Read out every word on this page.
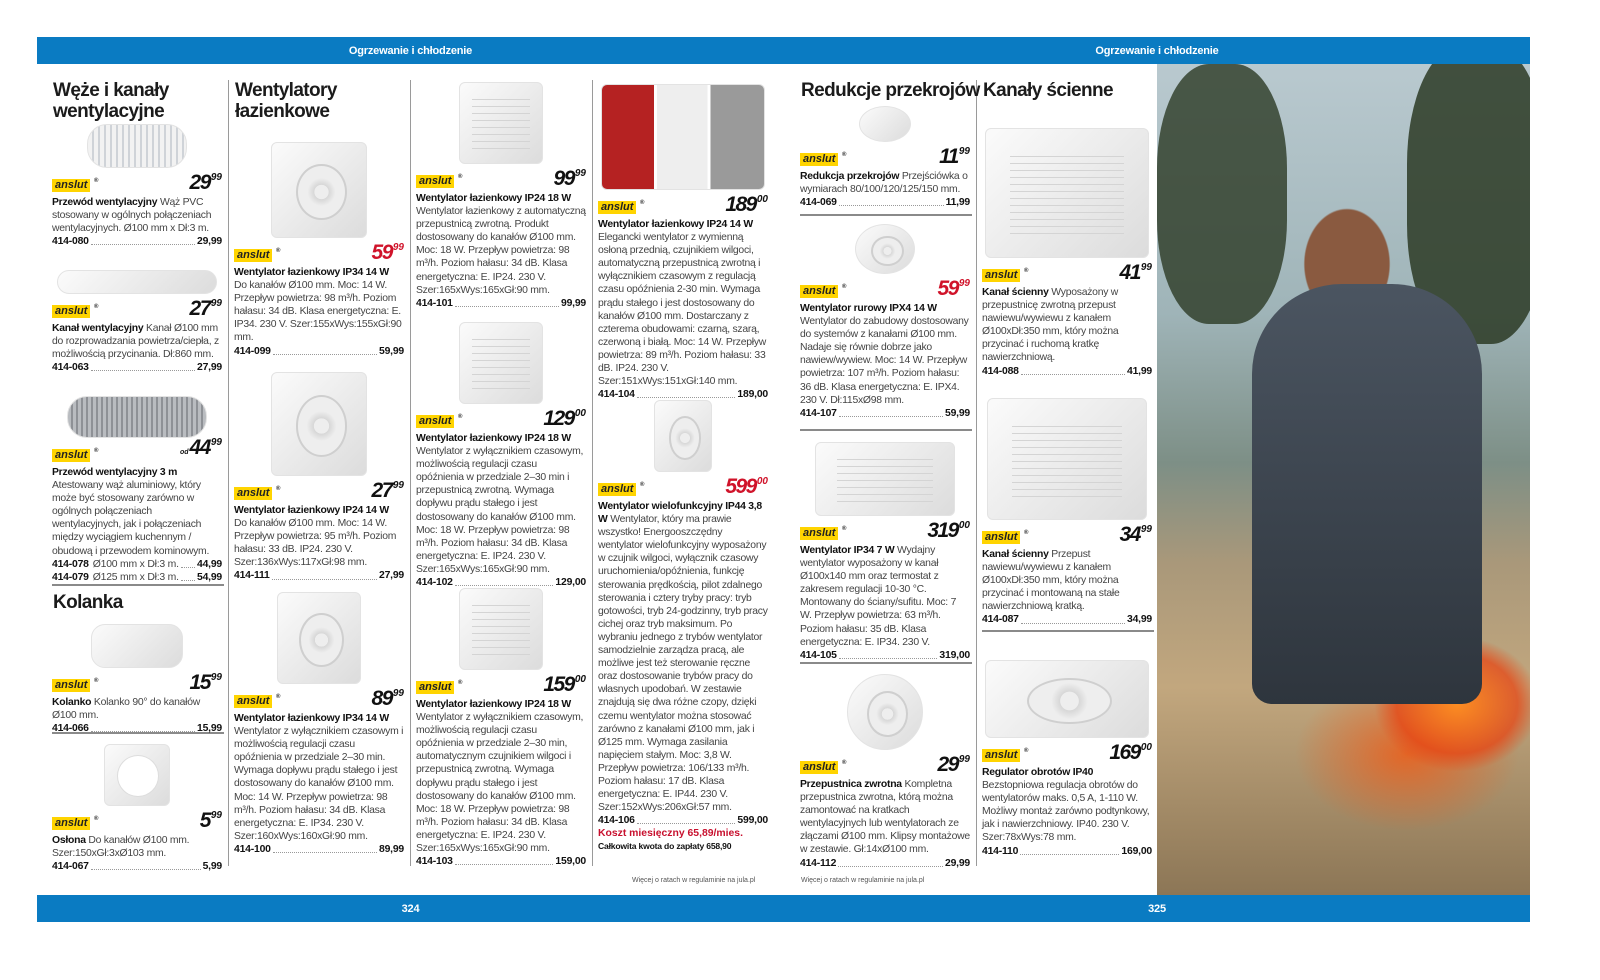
Ogrzewanie i chłodzenie	Ogrzewanie i chłodzenie
324	325
Węże i kanały wentylacyjne
Wentylatory łazienkowe
Kolanka
Redukcje przekrojów Kanały ścienne
anslut ®	$29^{99}$
Przewód wentylacyjny Wąż PVC stosowany w ogólnych połączeniach wentylacyjnych. Ø100 mm x Dł:3 m.
414-080	29,99
anslut ®	$27^{99}$
Kanał wentylacyjny Kanał Ø100 mm do rozprowadzania powietrza/ciepła, z możliwością przycinania. Dł:860 mm.
414-063	27,99
anslut ®	$od44^{99}$
Przewód wentylacyjny 3 m Atestowany wąż aluminiowy, który może być stosowany zarówno w ogólnych połączeniach wentylacyjnych, jak i połączeniach między wyciągiem kuchennym / obudową i przewodem kominowym.
414-078 Ø100 mm x Dł:3 m. 44,99
414-079 Ø125 mm x Dł:3 m. 54,99
anslut ®	$15^{99}$
Kolanko Kolanko 90° do kanałów Ø100 mm.
414-066	15,99
anslut ®	$5^{99}$
Osłona Do kanałów Ø100 mm. Szer:150xGł:3xØ103 mm.
414-067	5,99
anslut ®	$59^{99}$
Wentylator łazienkowy IP34 14 W Do kanałów Ø100 mm. Moc: 14 W. Przepływ powietrza: 98 m³/h. Poziom hałasu: 34 dB. Klasa energetyczna: E. IP34. 230 V. Szer:155xWys:155xGł:90 mm.
414-099	59,99
anslut ®	$27^{99}$
Wentylator łazienkowy IP24 14 W Do kanałów Ø100 mm. Moc: 14 W. Przepływ powietrza: 95 m³/h. Poziom hałasu: 33 dB. IP24. 230 V. Szer:136xWys:117xGł:98 mm.
414-111	27,99
anslut ®	$89^{99}$
Wentylator łazienkowy IP34 14 W Wentylator z wyłącznikiem czasowym i możliwością regulacji czasu opóźnienia w przedziale 2–30 min. Wymaga dopływu prądu stałego i jest dostosowany do kanałów Ø100 mm. Moc: 14 W. Przepływ powietrza: 98 m³/h. Poziom hałasu: 34 dB. Klasa energetyczna: E. IP34. 230 V. Szer:160xWys:160xGł:90 mm.
414-100	89,99
anslut ®	$99^{99}$
Wentylator łazienkowy IP24 18 W Wentylator łazienkowy z automatyczną przepustnicą zwrotną. Produkt dostosowany do kanałów Ø100 mm. Moc: 18 W. Przepływ powietrza: 98 m³/h. Poziom hałasu: 34 dB. Klasa energetyczna: E. IP24. 230 V. Szer:165xWys:165xGł:90 mm.
414-101	99,99
anslut ®	$129^{00}$
Wentylator łazienkowy IP24 18 W Wentylator z wyłącznikiem czasowym, możliwością regulacji czasu opóźnienia w przedziale 2–30 min i przepustnicą zwrotną. Wymaga dopływu prądu stałego i jest dostosowany do kanałów Ø100 mm. Moc: 18 W. Przepływ powietrza: 98 m³/h. Poziom hałasu: 34 dB. Klasa energetyczna: E. IP24. 230 V. Szer:165xWys:165xGł:90 mm.
414-102	129,00
anslut ®	$159^{00}$
Wentylator łazienkowy IP24 18 W Wentylator z wyłącznikiem czasowym, możliwością regulacji czasu opóźnienia w przedziale 2–30 min, automatycznym czujnikiem wilgoci i przepustnicą zwrotną. Wymaga dopływu prądu stałego i jest dostosowany do kanałów Ø100 mm. Moc: 18 W. Przepływ powietrza: 98 m³/h. Poziom hałasu: 34 dB. Klasa energetyczna: E. IP24. 230 V. Szer:165xWys:165xGł:90 mm.
414-103	159,00
anslut ®	$189^{00}$
Wentylator łazienkowy IP24 14 W Elegancki wentylator z wymienną osłoną przednią, czujnikiem wilgoci, automatyczną przepustnicą zwrotną i wyłącznikiem czasowym z regulacją czasu opóźnienia 2-30 min. Wymaga prądu stałego i jest dostosowany do kanałów Ø100 mm. Dostarczany z czterema obudowami: czarną, szarą, czerwoną i białą. Moc: 14 W. Przepływ powietrza: 89 m³/h. Poziom hałasu: 33 dB. IP24. 230 V. Szer:151xWys:151xGł:140 mm.
414-104	189,00
anslut ®	$599^{00}$
Wentylator wielofunkcyjny IP44 3,8 W Wentylator, który ma prawie wszystko! Energooszczędny wentylator wielofunkcyjny wyposażony w czujnik wilgoci, wyłącznik czasowy uruchomienia/opóźnienia, funkcję sterowania prędkością, pilot zdalnego sterowania i cztery tryby pracy: tryb gotowości, tryb 24-godzinny, tryb pracy cichej oraz tryb maksimum. Po wybraniu jednego z trybów wentylator samodzielnie zarządza pracą, ale możliwe jest też sterowanie ręczne oraz dostosowanie trybów pracy do własnych upodobań. W zestawie znajdują się dwa różne czopy, dzięki czemu wentylator można stosować zarówno z kanałami Ø100 mm, jak i Ø125 mm. Wymaga zasilania napięciem stałym. Moc: 3,8 W. Przepływ powietrza: 106/133 m³/h. Poziom hałasu: 17 dB. Klasa energetyczna: E. IP44. 230 V. Szer:152xWys:206xGł:57 mm.
414-106	599,00
Koszt miesięczny 65,89/mies.
Całkowita kwota do zapłaty 658,90
anslut ®	$11^{99}$
Redukcja przekrojów Przejściówka o wymiarach 80/100/120/125/150 mm.
414-069	11,99
anslut ®	$59^{99}$
Wentylator rurowy IPX4 14 W Wentylator do zabudowy dostosowany do systemów z kanałami Ø100 mm. Nadaje się równie dobrze jako nawiew/wywiew. Moc: 14 W. Przepływ powietrza: 107 m³/h. Poziom hałasu: 36 dB. Klasa energetyczna: E. IPX4. 230 V. Dł:115xØ98 mm.
414-107	59,99
anslut ®	$319^{00}$
Wentylator IP34 7 W Wydajny wentylator wyposażony w kanał Ø100x140 mm oraz termostat z zakresem regulacji 10-30 °C. Montowany do ściany/sufitu. Moc: 7 W. Przepływ powietrza: 63 m³/h. Poziom hałasu: 35 dB. Klasa energetyczna: E. IP34. 230 V.
414-105	319,00
anslut ®	$29^{99}$
Przepustnica zwrotna Kompletna przepustnica zwrotna, którą można zamontować na kratkach wentylacyjnych lub wentylatorach ze złączami Ø100 mm. Klipsy montażowe w zestawie. Gł:14xØ100 mm.
414-112	29,99
anslut ®	$41^{99}$
Kanał ścienny Wyposażony w przepustnicę zwrotną przepust nawiewu/wywiewu z kanałem Ø100xDł:350 mm, który można przycinać i ruchomą kratkę nawierzchniową.
414-088	41,99
anslut ®	$34^{99}$
Kanał ścienny Przepust nawiewu/wywiewu z kanałem Ø100xDł:350 mm, który można przycinać i montowaną na stałe nawierzchniową kratką.
414-087	34,99
anslut ®	$169^{00}$
Regulator obrotów IP40 Bezstopniowa regulacja obrotów do wentylatorów maks. 0,5 A, 1-110 W. Możliwy montaż zarówno podtynkowy, jak i nawierzchniowy. IP40. 230 V. Szer:78xWys:78 mm.
414-110	169,00
Więcej o ratach w regulaminie na jula.pl	Więcej o ratach w regulaminie na jula.pl
